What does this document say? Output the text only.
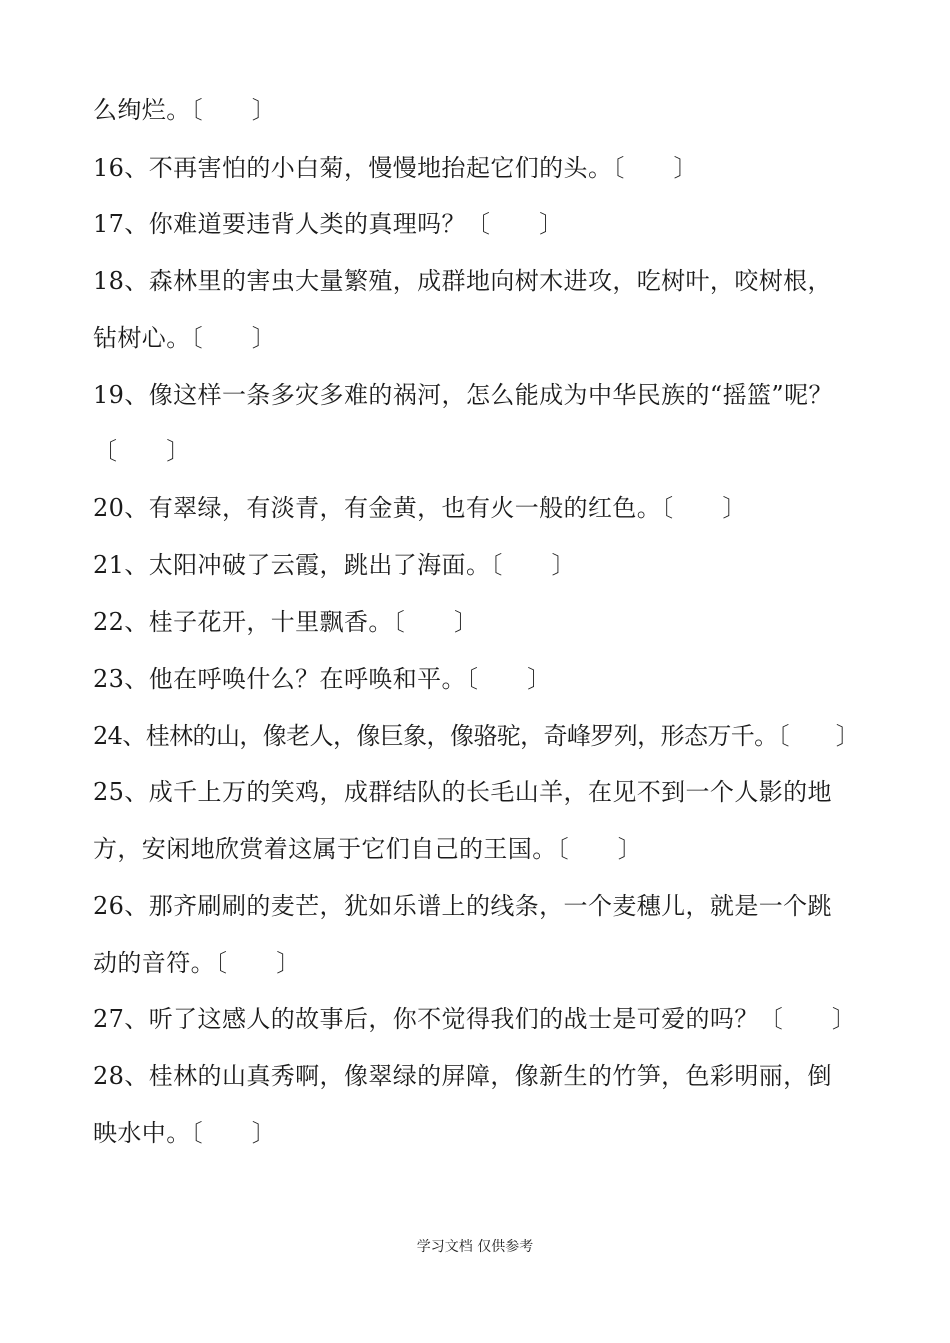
么绚烂。〔　　〕
16、不再害怕的小白菊，慢慢地抬起它们的头。〔　　〕
17、你难道要违背人类的真理吗？〔　　〕
18、森林里的害虫大量繁殖，成群地向树木进攻，吃树叶，咬树根，
钻树心。〔　　〕
19、像这样一条多灾多难的祸河，怎么能成为中华民族的“摇篮”呢？
〔　　〕
20、有翠绿，有淡青，有金黄，也有火一般的红色。〔　　〕
21、太阳冲破了云霞，跳出了海面。〔　　〕
22、桂子花开，十里飘香。〔　　〕
23、他在呼唤什么？在呼唤和平。〔　　〕
24、桂林的山，像老人，像巨象，像骆驼，奇峰罗列，形态万千。〔　　〕
25、成千上万的笑鸡，成群结队的长毛山羊，在见不到一个人影的地
方，安闲地欣赏着这属于它们自己的王国。〔　　〕
26、那齐刷刷的麦芒，犹如乐谱上的线条，一个麦穗儿，就是一个跳
动的音符。〔　　〕
27、听了这感人的故事后，你不觉得我们的战士是可爱的吗？〔　　〕
28、桂林的山真秀啊，像翠绿的屏障，像新生的竹笋，色彩明丽，倒
映水中。〔　　〕
学习文档 仅供参考
